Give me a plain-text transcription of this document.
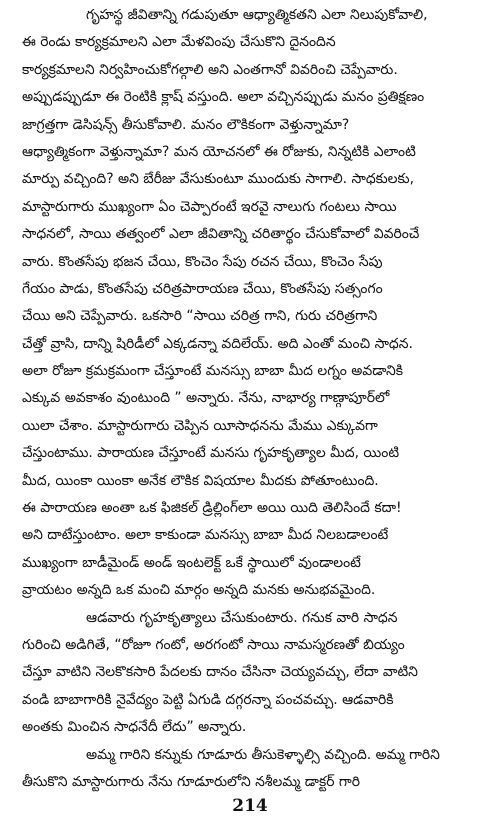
గృహస్థ జీవితాన్ని గడుపుతూ ఆధ్యాత్మికతని ఎలా నిలుపుకోవాలి,
ఈ రెండు కార్యక్రమాలని ఎలా మేళవింపు చేసుకొని దైనందిన
కార్యక్రమాలని నిర్వహించుకోగల్గాలి అని ఎంతగానో వివరించి చెప్పేవారు.
అప్పుడప్పుడూ ఈ రెంటికి క్లాష్ వస్తుంది. అలా వచ్చినప్పుడు మనం ప్రతిక్షణం
జాగ్రత్తగా డెసిషన్స్ తీసుకోవాలి. మనం లౌకికంగా వెళ్తున్నామా?
ఆధ్యాత్మికంగా వెళ్తున్నామా? మన యోచనలో ఈ రోజుకు, నిన్నటికి ఎలాంటి
మార్పు వచ్చింది? అని బేరీజు వేసుకుంటూ ముందుకు సాగాలి. సాధకులకు,
మాస్టారుగారు ముఖ్యంగా ఏం చెప్పారంటే ఇరవై నాలుగు గంటలు సాయి
సాధనలో, సాయి తత్వంలో ఎలా జీవితాన్ని చరితార్థం చేసుకోవాలో వివరించే
వారు. కొంతసేపు భజన చేయి, కొంచెం సేపు రచన చేయి, కొంచెం సేపు
గేయం పాడు, కొంతసేపు చరిత్రపారాయణ చేయి, కొంతసేపు సత్సంగం
చేయి అని చెప్పేవారు. ఒకసారి “సాయి చరిత్ర గాని, గురు చరిత్రగాని
చేత్తో వ్రాసి, దాన్ని షిరిడీలో ఎక్కడన్నా వదిలేయ్. అది ఎంతో మంచి సాధన.
అలా రోజూ క్రమక్రమంగా చేస్తూంటే మనస్సు బాబా మీద లగ్నం అవడానికి
ఎక్కువ అవకాశం వుంటుంది ” అన్నారు. నేను, నాభార్య గాణ్గాపూర్‌లో
యిలా చేశాం. మాస్టారుగారు చెప్పిన యీసాధనను మేము ఎక్కువగా
చేస్తుంటాము. పారాయణ చేస్తూంటే మనసు గృహకృత్యాల మీద, యింటి
మీద, యింకా యింకా అనేక లౌకిక విషయాల మీదకు పోతూంటుంది.
ఈ పారాయణ అంతా ఒక ఫిజికల్ డ్రిల్లింగ్‌లా అయి యిది తెలిసిందే కదా!
అని దాటేస్తుంటాం. అలా కాకుండా మనస్సు బాబా మీద నిలబడాలంటే
ముఖ్యంగా బాడీమైండ్ అండ్ ఇంటలెక్ట్ ఒకే స్థాయిలో వుండాలంటే
వ్రాయటం అన్నది ఒక మంచి మార్గం అన్నది మనకు అనుభవమైంది.
ఆడవారు గృహకృత్యాలు చేసుకుంటారు. గనుక వారి సాధన
గురించి అడిగితే, “రోజూ గంటో, అరగంటో సాయి నామస్మరణతో బియ్యం
చేస్తూ వాటిని నెలకొకసారి పేదలకు దానం చేసినా చెయ్యవచ్చు, లేదా వాటిని
వండి బాబాగారికి నైవేద్యం పెట్టి ఏగుడి దగ్గరన్నా పంచవచ్చు. ఆడవారికి
అంతకు మించిన సాధనేదీ లేదు” అన్నారు.
అమ్మ గారిని కన్నుకు గూడూరు తీసుకెళ్ళాల్సి వచ్చింది. అమ్మ గారిని
తీసుకొని మాస్టారుగారు నేను గూడూరులోని నశీలమ్మ డాక్టర్ గారి
214
